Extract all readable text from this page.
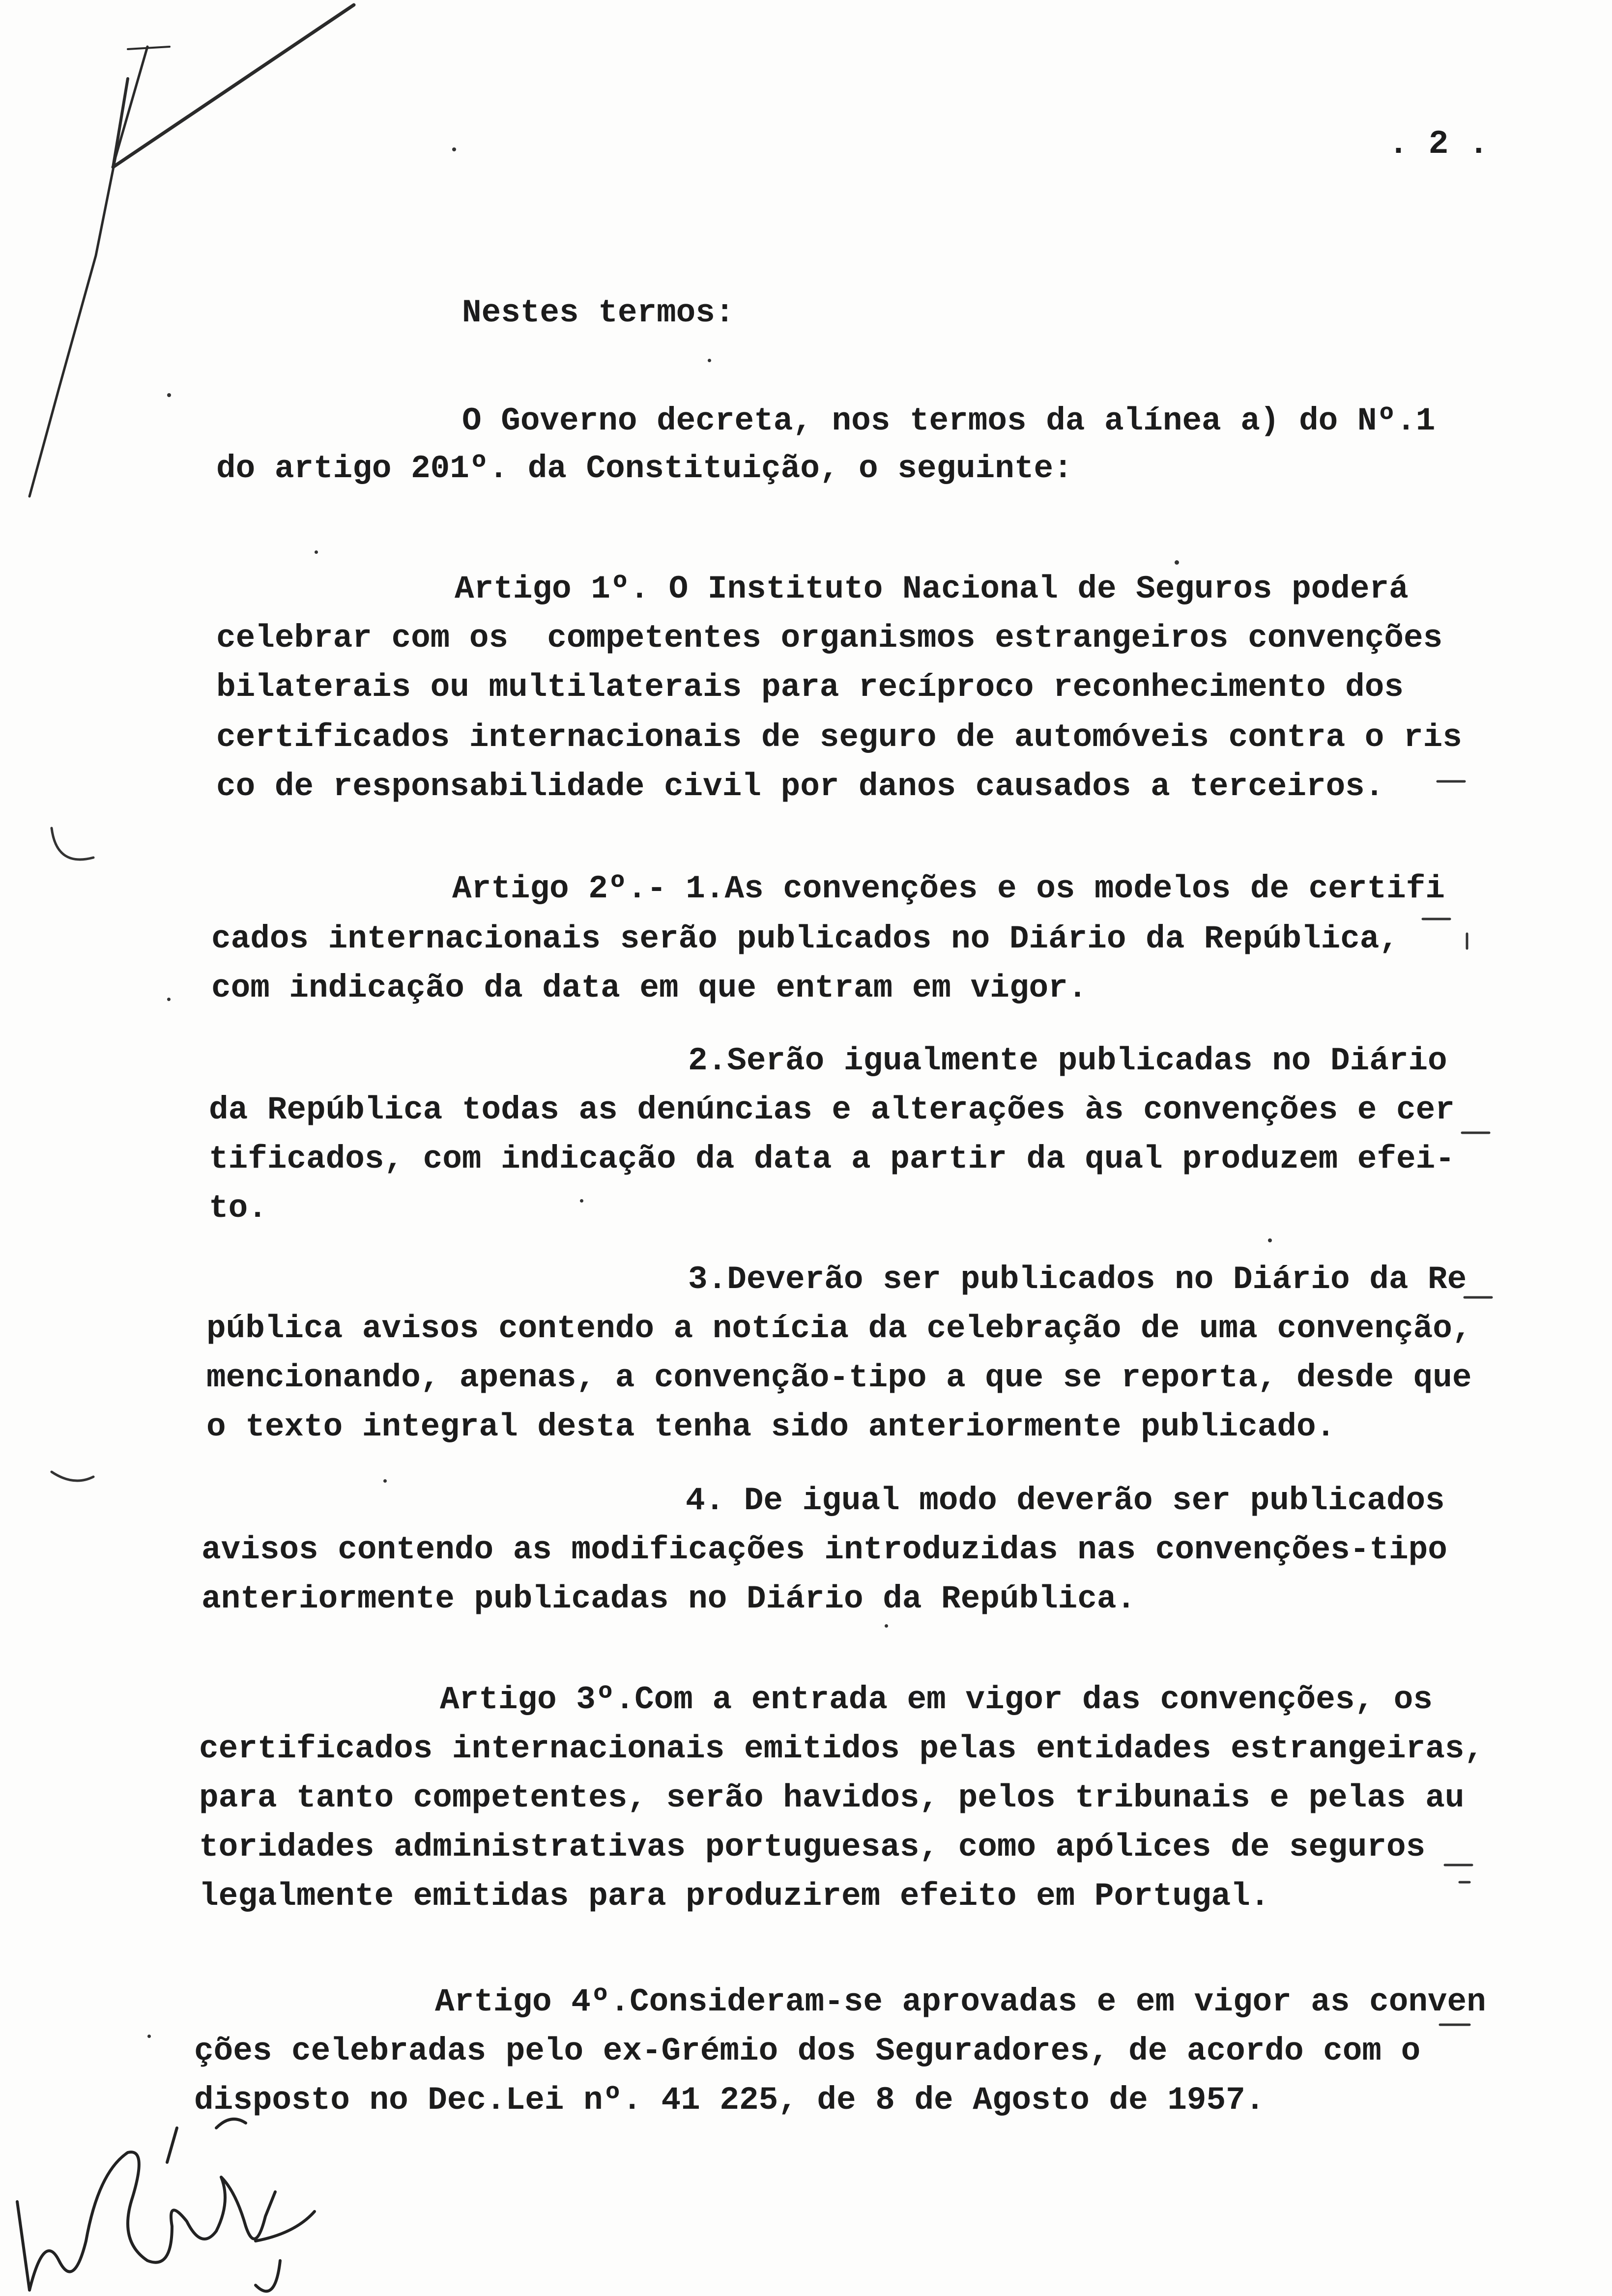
. 2 .

Nestes termos:

O Governo decreta, nos termos da alínea a) do Nº.1

do artigo 201º. da Constituição, o seguinte:

Artigo 1º. O Instituto Nacional de Seguros poderá

celebrar com os  competentes organismos estrangeiros convenções

bilaterais ou multilaterais para recíproco reconhecimento dos

certificados internacionais de seguro de automóveis contra o ris

co de responsabilidade civil por danos causados a terceiros.

Artigo 2º.- 1.As convenções e os modelos de certifi

cados internacionais serão publicados no Diário da República,

com indicação da data em que entram em vigor.

2.Serão igualmente publicadas no Diário

da República todas as denúncias e alterações às convenções e cer

tificados, com indicação da data a partir da qual produzem efei-

to.

3.Deverão ser publicados no Diário da Re

pública avisos contendo a notícia da celebração de uma convenção,

mencionando, apenas, a convenção-tipo a que se reporta, desde que

o texto integral desta tenha sido anteriormente publicado.

4. De igual modo deverão ser publicados

avisos contendo as modificações introduzidas nas convenções-tipo

anteriormente publicadas no Diário da República.

Artigo 3º.Com a entrada em vigor das convenções, os

certificados internacionais emitidos pelas entidades estrangeiras,

para tanto competentes, serão havidos, pelos tribunais e pelas au

toridades administrativas portuguesas, como apólices de seguros

legalmente emitidas para produzirem efeito em Portugal.

Artigo 4º.Consideram-se aprovadas e em vigor as conven

ções celebradas pelo ex-Grémio dos Seguradores, de acordo com o

disposto no Dec.Lei nº. 41 225, de 8 de Agosto de 1957.
